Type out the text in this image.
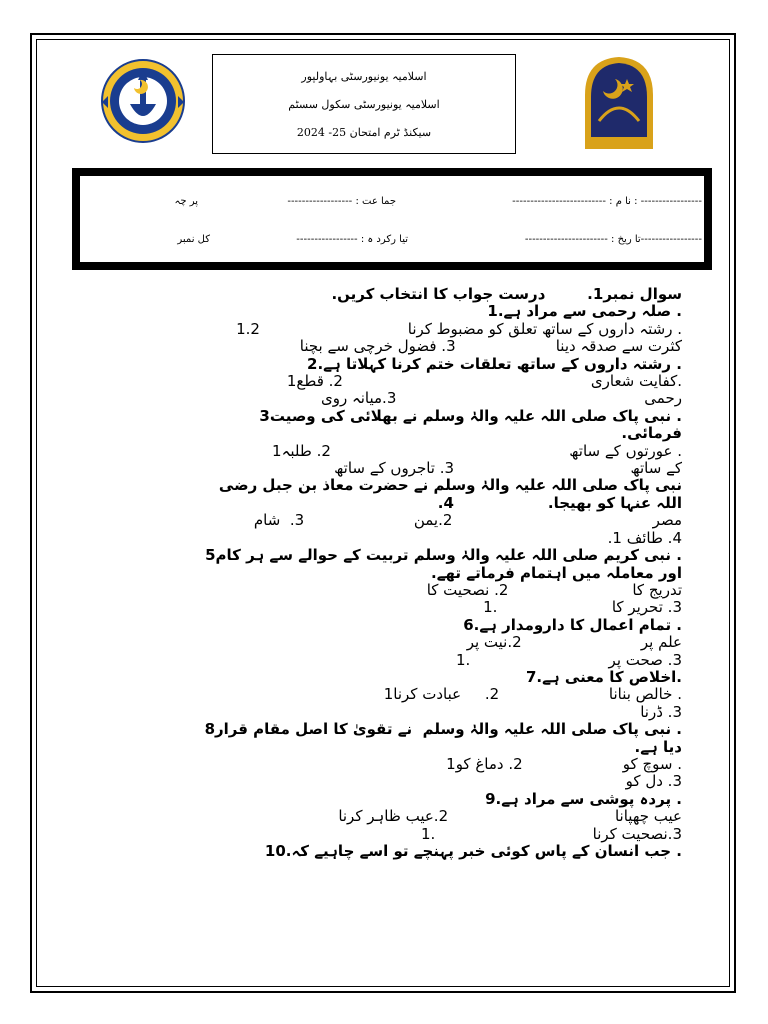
اسلامیہ یونیورسٹی بہاولپور
اسلامیہ یونیورسٹی سکول سسٹم
سیکنڈ ٹرم امتحان 25- 2024
----------------- : نا م : --------------------------
جما عت : ------------------
پر چہ
-----------------تا ریخ : -----------------------
تیا رکرد ہ : -----------------
کل نمبر

سوال نمبر1.        درست جواب کا انتخاب کریں.

. صلہ رحمی سے مراد ہے.1

. رشتہ داروں کے ساتھ تعلق کو مضبوط کرنا                               1.2

کثرت سے صدقہ دینا                     3. فضول خرچی سے بچنا

. رشتہ داروں کے ساتھ تعلقات ختم کرنا کہلاتا ہے.2

.کفایت شعاری                                                    2. قطع1

رحمی                                                    3.میانہ روی

. نبی پاک صلی اللہ علیہ والہٰ وسلم نے بھلائی کی وصیت3

فرمائی.

. عورتوں کے ساتھ                                                  2. طلبہ1

کے ساتھ                                     3. تاجروں کے ساتھ

نبی پاک صلی اللہ علیہ والہٰ وسلم نے حضرت معاذ بن جبل رضی

اللہ عنہا کو بھیجا.                  4.

مصر                                          2.یمن                       3.  شام

4. طائف 1.

. نبی کریم صلی اللہ علیہ والہٰ وسلم تربیت کے حوالے سے ہر کام5

اور معاملہ میں اہتمام فرماتے تھے.

تدریج کا                          2. نصحیت کا

3. تحریر کا                        .1

. تمام اعمال کا دارومدار ہے.6

علم پر                         2.نیت پر

3. صحت پر                             .1

.اخلاص کا معنی ہے.7

. خالص بنانا                       2.     عبادت کرنا1

3. ڈرنا

. نبی پاک صلی اللہ علیہ والہٰ وسلم  نے تقویٰ کا اصل مقام قرار8

دیا ہے.

. سوچ کو                     2. دماغ کو1

3. دل کو

. پردہ پوشی سے مراد ہے.9

عیب چھپانا                                   2.عیب ظاہر کرنا

3.نصحیت کرنا                                 .1

. جب انسان کے پاس کوئی خبر پہنچے تو اسے چاہیے کہ.10
